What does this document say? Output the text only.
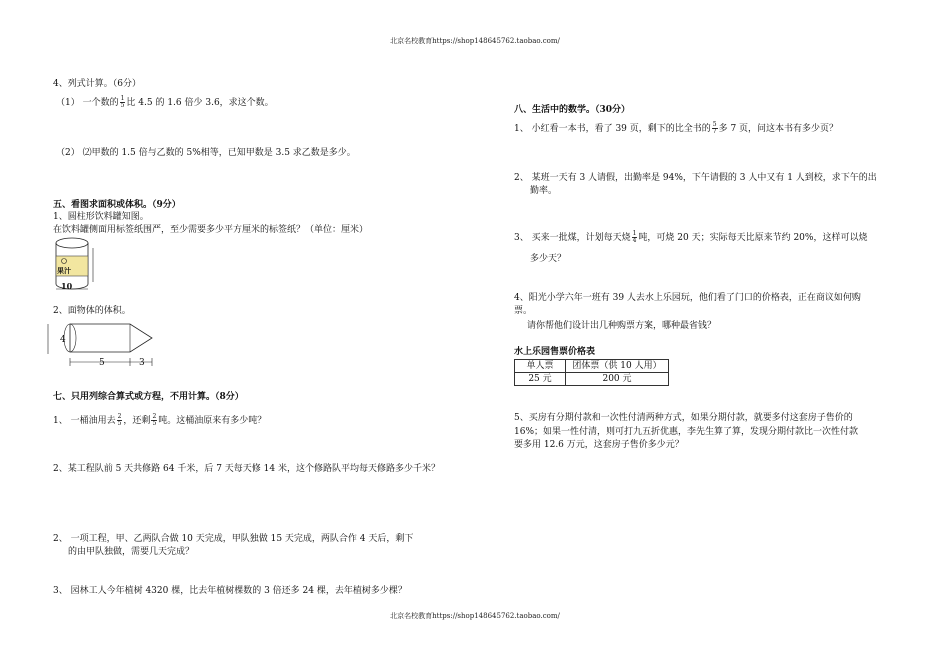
北京名校教育https://shop148645762.taobao.com/
北京名校教育https://shop148645762.taobao.com/
4、列式计算。（6分）
（1） 一个数的 $\frac{1}{5}$ 比 4.5 的 1.6 倍少 3.6，求这个数。
（2） ⑵甲数的 1.5 倍与乙数的 5%相等，已知甲数是 3.5 求乙数是多少。
五、看图求面积或体积。（9分）
1、圆柱形饮料罐知图。
在饮料罐侧面用标签纸围严，至少需要多少平方厘米的标签纸？（单位：厘米）
果汁
10
2、面物体的体积。
4
5	3
七、只用列综合算式或方程，不用计算。（8分）
1、 一桶油用去 $\frac{2}{5}$ ，还剩 $\frac{2}{5}$ 吨。这桶油原来有多少吨？
2、某工程队前 5 天共修路 64 千米，后 7 天每天修 14 米，这个修路队平均每天修路多少千米？
2、 一项工程，甲、乙两队合做 10 天完成，甲队独做 15 天完成，两队合作 4 天后，剩下
的由甲队独做，需要几天完成？
3、 园林工人今年植树 4320 棵，比去年植树棵数的 3 倍还多 24 棵，去年植树多少棵？
八、生活中的数学。（30分）
1、 小红看一本书，看了 39 页，剩下的比全书的 $\frac{5}{7}$ 多 7 页，问这本书有多少页？
2、 某班一天有 3 人请假，出勤率是 94%，下午请假的 3 人中又有 1 人到校，求下午的出
勤率。
3、 买来一批煤，计划每天烧 $\frac{1}{4}$ 吨，可烧 20 天；实际每天比原来节约 20%，这样可以烧
多少天？
4、阳光小学六年一班有 39 人去水上乐园玩，他们看了门口的价格表，正在商议如何购
票。
请你帮他们设计出几种购票方案，哪种最省钱？
水上乐园售票价格表
单人票	团体票（供 10 人用）
25 元	200 元
5、买房有分期付款和一次性付清两种方式，如果分期付款，就要多付这套房子售价的
16%；如果一性付清，则可打九五折优惠，李先生算了算，发现分期付款比一次性付款
要多用 12.6 万元，这套房子售价多少元？
